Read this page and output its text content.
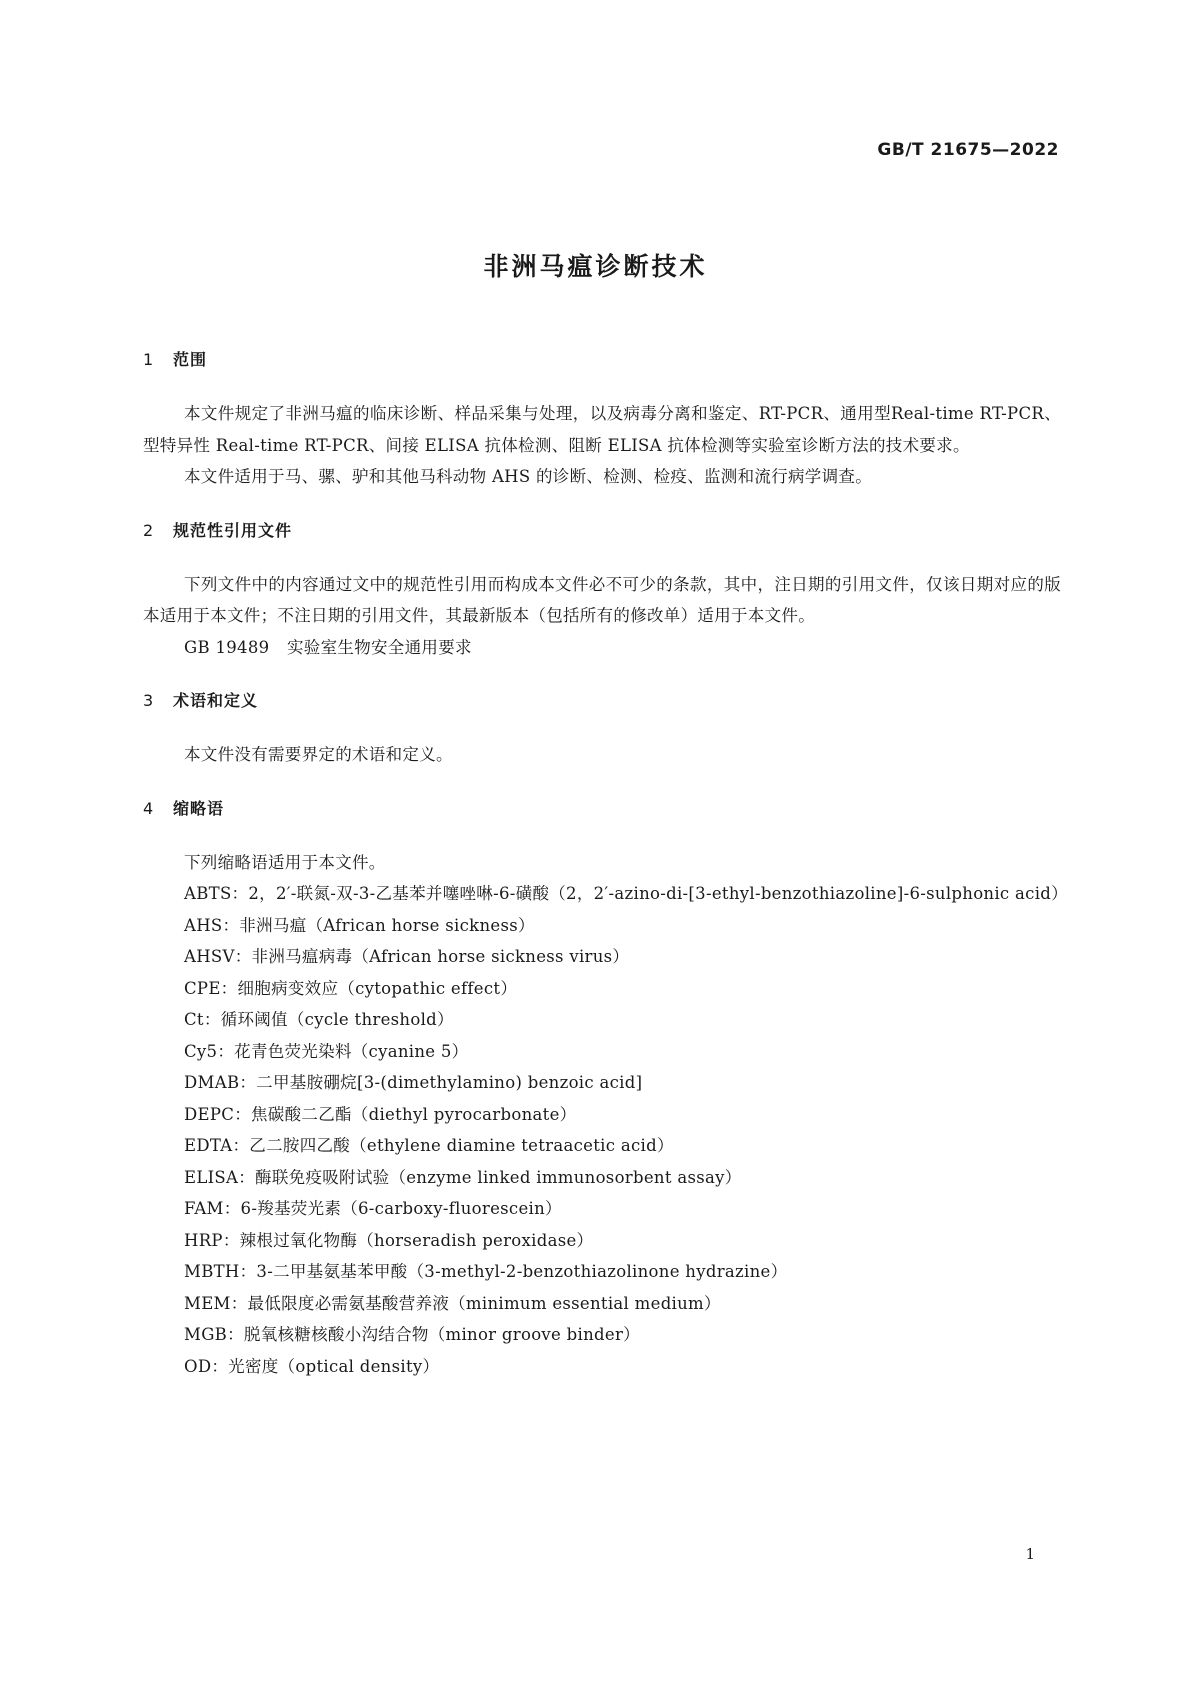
GB/T 21675—2022
非洲马瘟诊断技术
1 范围

本文件规定了非洲马瘟的临床诊断、样品采集与处理，以及病毒分离和鉴定、RT-PCR、通用型Real-time RT-PCR、型特异性 Real-time RT-PCR、间接 ELISA 抗体检测、阻断 ELISA 抗体检测等实验室诊断方法的技术要求。

本文件适用于马、骡、驴和其他马科动物 AHS 的诊断、检测、检疫、监测和流行病学调查。

2 规范性引用文件

下列文件中的内容通过文中的规范性引用而构成本文件必不可少的条款，其中，注日期的引用文件，仅该日期对应的版本适用于本文件；不注日期的引用文件，其最新版本（包括所有的修改单）适用于本文件。

GB 19489 实验室生物安全通用要求

3 术语和定义

本文件没有需要界定的术语和定义。

4 缩略语

下列缩略语适用于本文件。

ABTS：2，2′-联氮-双-3-乙基苯并噻唑啉-6-磺酸（2，2′-azino-di-[3-ethyl-benzothiazoline]-6-sulphonic acid）

AHS：非洲马瘟（African horse sickness）

AHSV：非洲马瘟病毒（African horse sickness virus）

CPE：细胞病变效应（cytopathic effect）

Ct：循环阈值（cycle threshold）

Cy5：花青色荧光染料（cyanine 5）

DMAB：二甲基胺硼烷[3-(dimethylamino) benzoic acid]

DEPC：焦碳酸二乙酯（diethyl pyrocarbonate）

EDTA：乙二胺四乙酸（ethylene diamine tetraacetic acid）

ELISA：酶联免疫吸附试验（enzyme linked immunosorbent assay）

FAM：6-羧基荧光素（6-carboxy-fluorescein）

HRP：辣根过氧化物酶（horseradish peroxidase）

MBTH：3-二甲基氨基苯甲酸（3-methyl-2-benzothiazolinone hydrazine）

MEM：最低限度必需氨基酸营养液（minimum essential medium）

MGB：脱氧核糖核酸小沟结合物（minor groove binder）

OD：光密度（optical density）

1
